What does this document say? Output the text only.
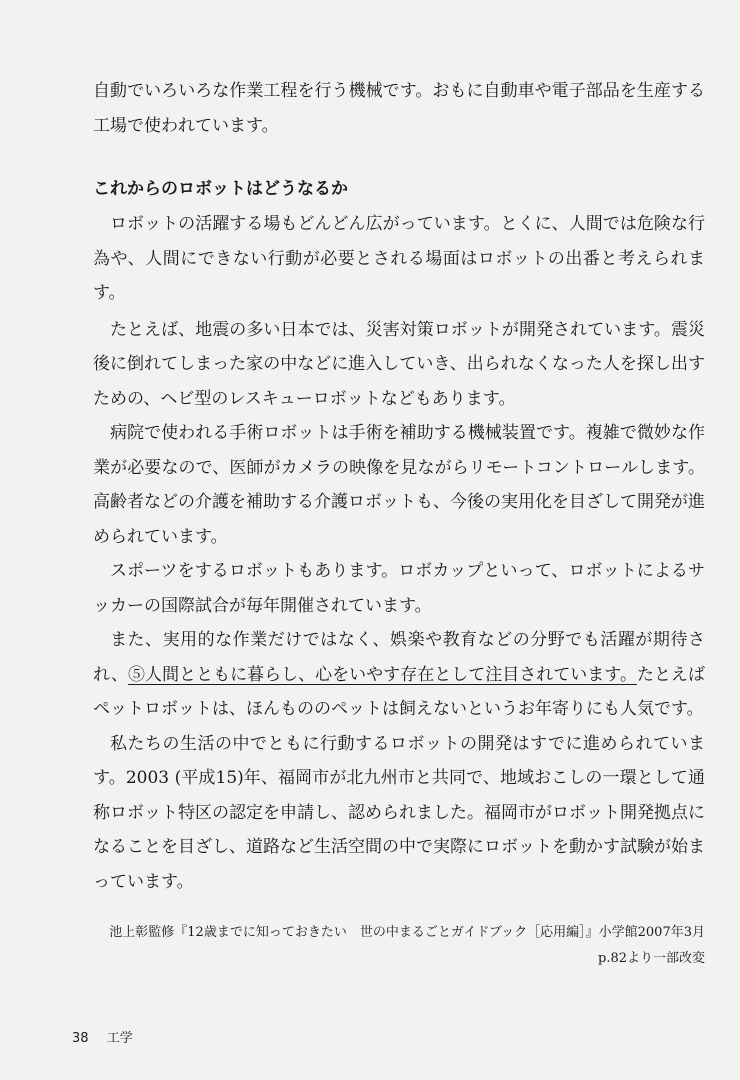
自動でいろいろな作業工程を行う機械です。おもに自動車や電子部品を生産する工場で使われています。

これからのロボットはどうなるか

ロボットの活躍する場もどんどん広がっています。とくに、人間では危険な行為や、人間にできない行動が必要とされる場面はロボットの出番と考えられます。

たとえば、地震の多い日本では、災害対策ロボットが開発されています。震災後に倒れてしまった家の中などに進入していき、出られなくなった人を探し出すための、ヘビ型のレスキューロボットなどもあります。

病院で使われる手術ロボットは手術を補助する機械装置です。複雑で微妙な作業が必要なので、医師がカメラの映像を見ながらリモートコントロールします。高齢者などの介護を補助する介護ロボットも、今後の実用化を目ざして開発が進められています。

スポーツをするロボットもあります。ロボカップといって、ロボットによるサッカーの国際試合が毎年開催されています。

また、実用的な作業だけではなく、娯楽や教育などの分野でも活躍が期待され、⑤人間とともに暮らし、心をいやす存在として注目されています。たとえばペットロボットは、ほんもののペットは飼えないというお年寄りにも人気です。

私たちの生活の中でともに行動するロボットの開発はすでに進められています。2003 (平成15)年、福岡市が北九州市と共同で、地域おこしの一環として通称ロボット特区の認定を申請し、認められました。福岡市がロボット開発拠点になることを目ざし、道路など生活空間の中で実際にロボットを動かす試験が始まっています。

池上彰監修『12歳までに知っておきたい　世の中まるごとガイドブック［応用編］』小学館2007年3月
p.82より一部改変
38 工学
